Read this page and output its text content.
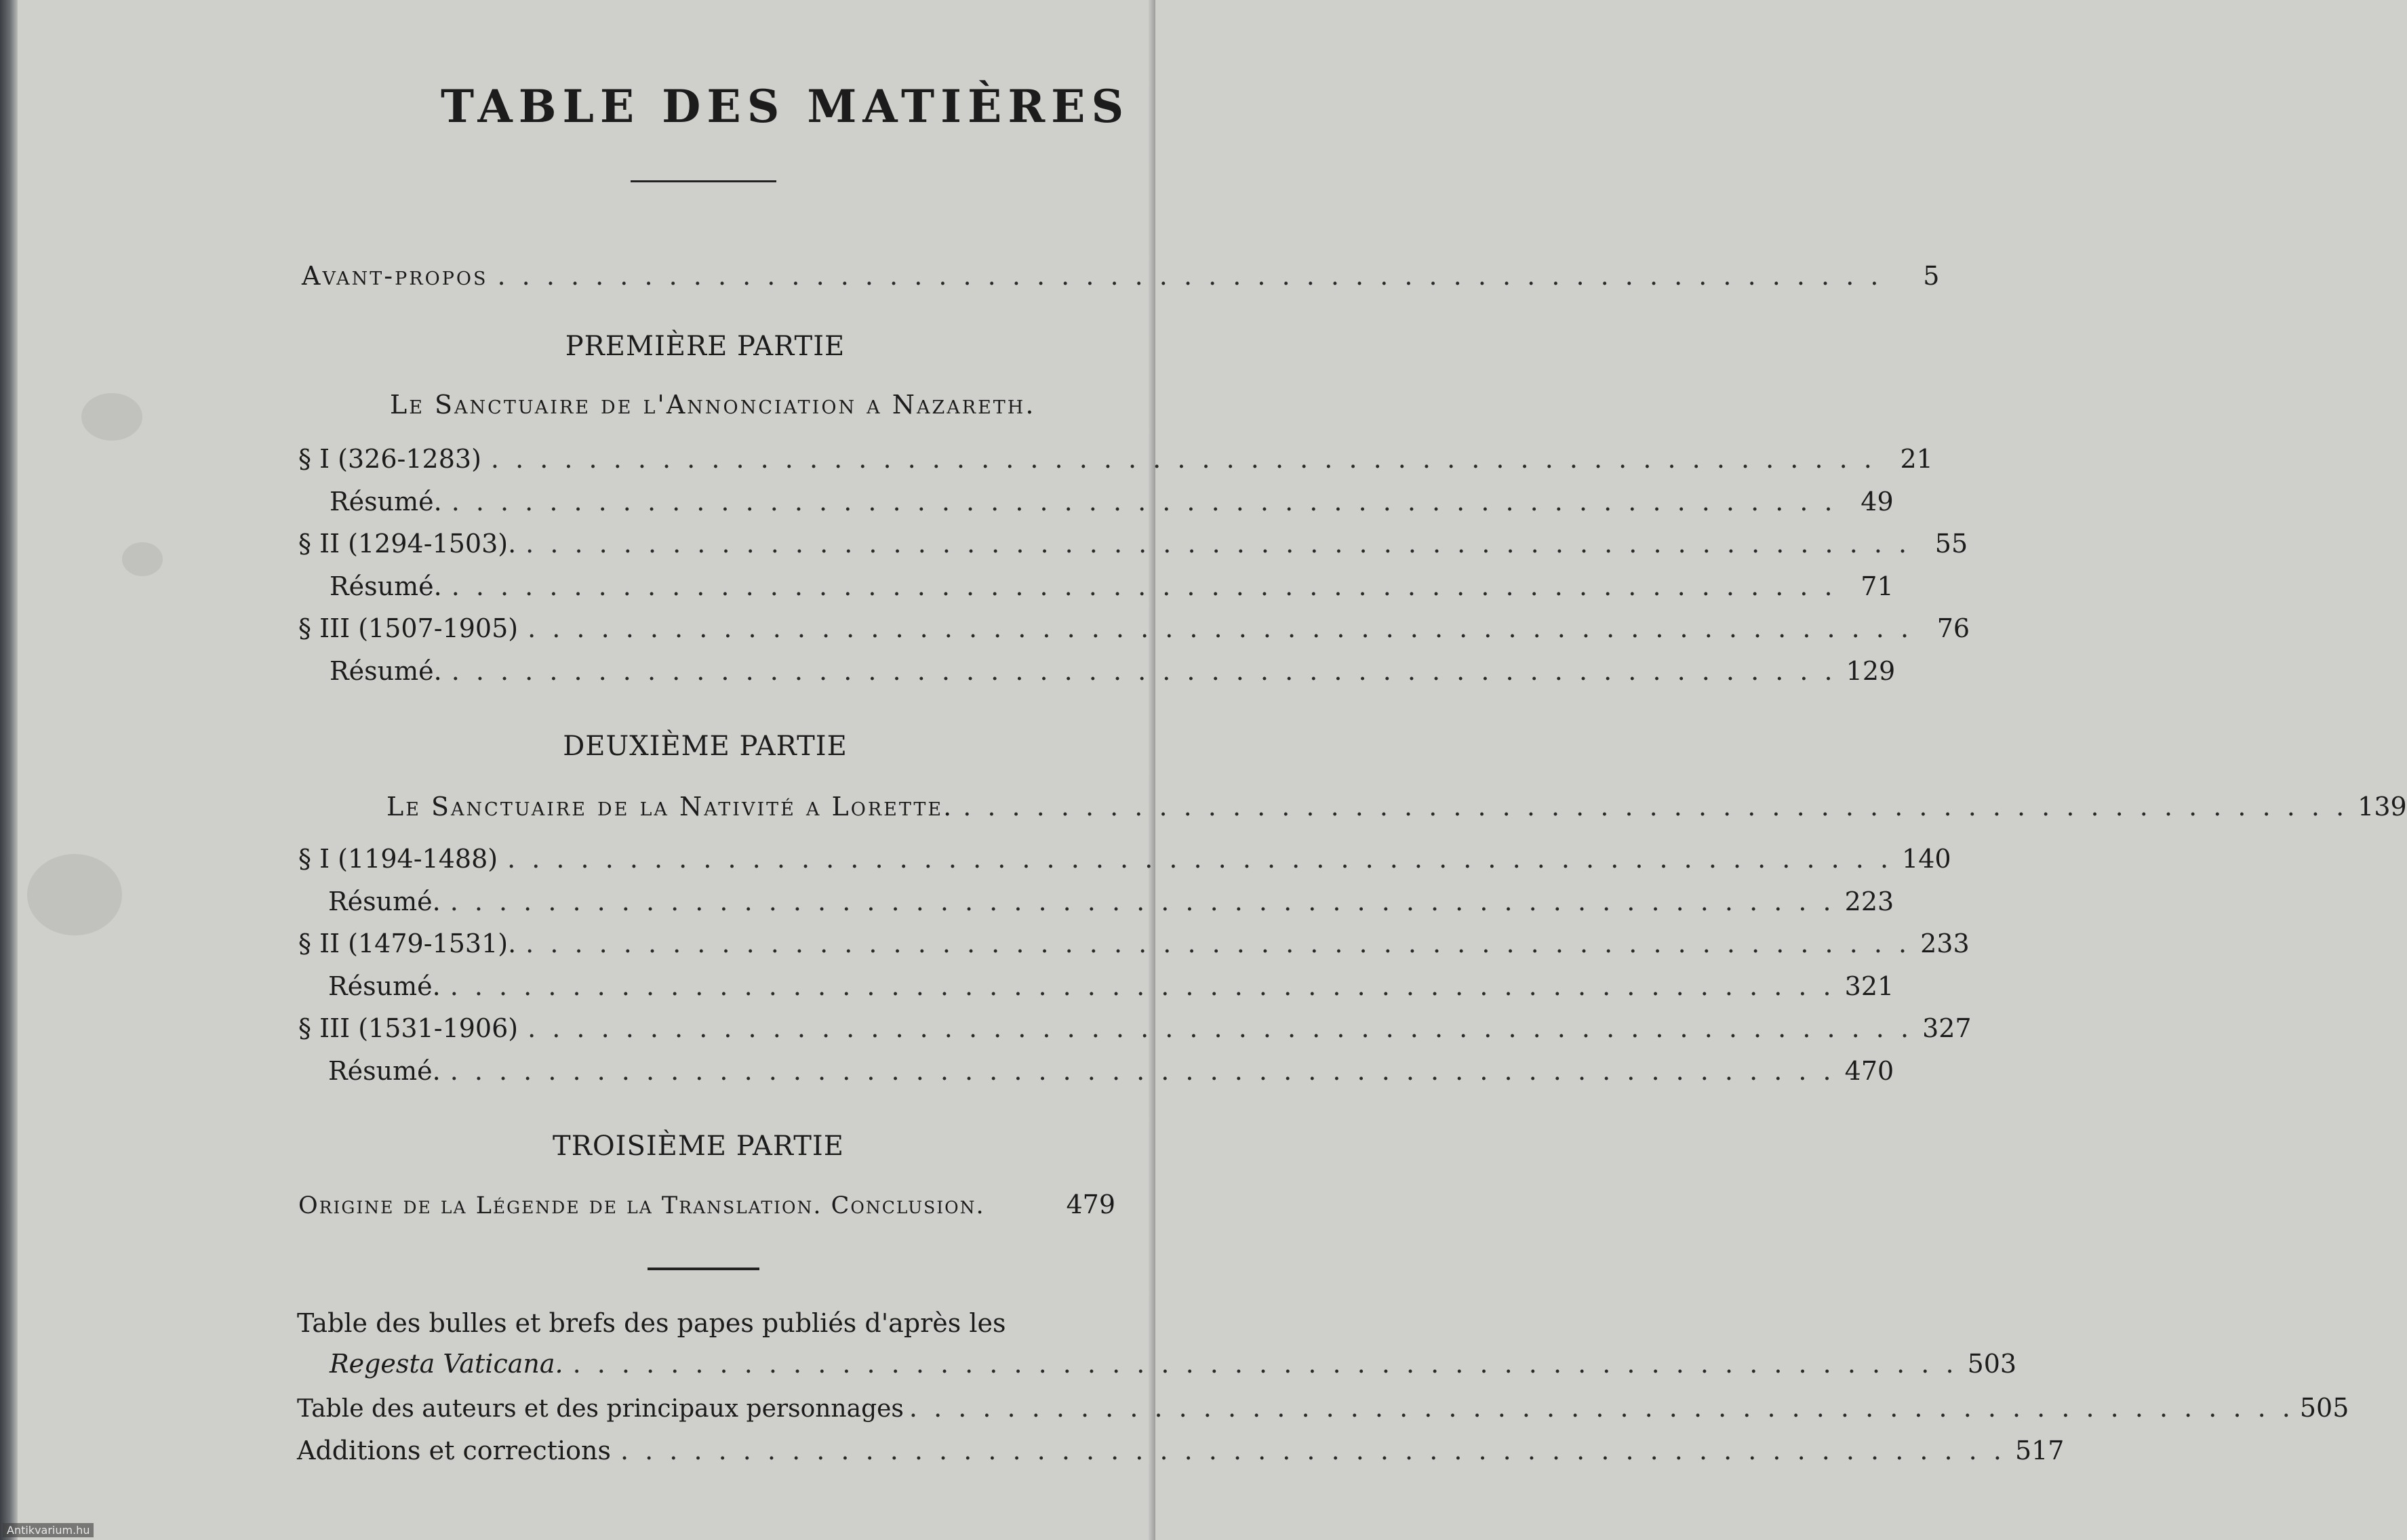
TABLE DES MATIÈRES
Avant-propos . . . . . . . . . . . . . . . . . . . . . . . . . . . . . . . . . . . . . . . . . . . . . . . . . . . . . . . . .	5
PREMIÈRE PARTIE
Le Sanctuaire de l'Annonciation a Nazareth.
§ I (326-1283) . . . . . . . . . . . . . . . . . . . . . . . . . . . . . . . . . . . . . . . . . . . . . . . . . . . . . . . . . 21
Résumé. . . . . . . . . . . . . . . . . . . . . . . . . . . . . . . . . . . . . . . . . . . . . . . . . . . . . . . . . . 49
§ II (1294-1503). . . . . . . . . . . . . . . . . . . . . . . . . . . . . . . . . . . . . . . . . . . . . . . . . . . . . . . . . . 55
Résumé. . . . . . . . . . . . . . . . . . . . . . . . . . . . . . . . . . . . . . . . . . . . . . . . . . . . . . . . . . 71
§ III (1507-1905) . . . . . . . . . . . . . . . . . . . . . . . . . . . . . . . . . . . . . . . . . . . . . . . . . . . . . . . . . 76
Résumé. . . . . . . . . . . . . . . . . . . . . . . . . . . . . . . . . . . . . . . . . . . . . . . . . . . . . . . . . . 129
DEUXIÈME PARTIE
Le Sanctuaire de la Nativité a Lorette. . . . . . . . . . . . . . . . . . . . . . . . . . . . . . . . . . . . . . . . . . . . . . . . . . . . . . . . . . 139
§ I (1194-1488) . . . . . . . . . . . . . . . . . . . . . . . . . . . . . . . . . . . . . . . . . . . . . . . . . . . . . . . . . 140
Résumé. . . . . . . . . . . . . . . . . . . . . . . . . . . . . . . . . . . . . . . . . . . . . . . . . . . . . . . . . . 223
§ II (1479-1531). . . . . . . . . . . . . . . . . . . . . . . . . . . . . . . . . . . . . . . . . . . . . . . . . . . . . . . . . . 233
Résumé. . . . . . . . . . . . . . . . . . . . . . . . . . . . . . . . . . . . . . . . . . . . . . . . . . . . . . . . . . 321
§ III (1531-1906) . . . . . . . . . . . . . . . . . . . . . . . . . . . . . . . . . . . . . . . . . . . . . . . . . . . . . . . . . 327
Résumé. . . . . . . . . . . . . . . . . . . . . . . . . . . . . . . . . . . . . . . . . . . . . . . . . . . . . . . . . . 470
TROISIÈME PARTIE
Origine de la Légende de la Translation. Conclusion.	479
Table des bulles et brefs des papes publiés d'après les
Regesta Vaticana. . . . . . . . . . . . . . . . . . . . . . . . . . . . . . . . . . . . . . . . . . . . . . . . . . . . . . . . . . 503
Table des auteurs et des principaux personnages . . . . . . . . . . . . . . . . . . . . . . . . . . . . . . . . . . . . . . . . . . . . . . . . . . . . . . . . . 505
Additions et corrections . . . . . . . . . . . . . . . . . . . . . . . . . . . . . . . . . . . . . . . . . . . . . . . . . . . . . . . . . 517
Antikvarium.hu
